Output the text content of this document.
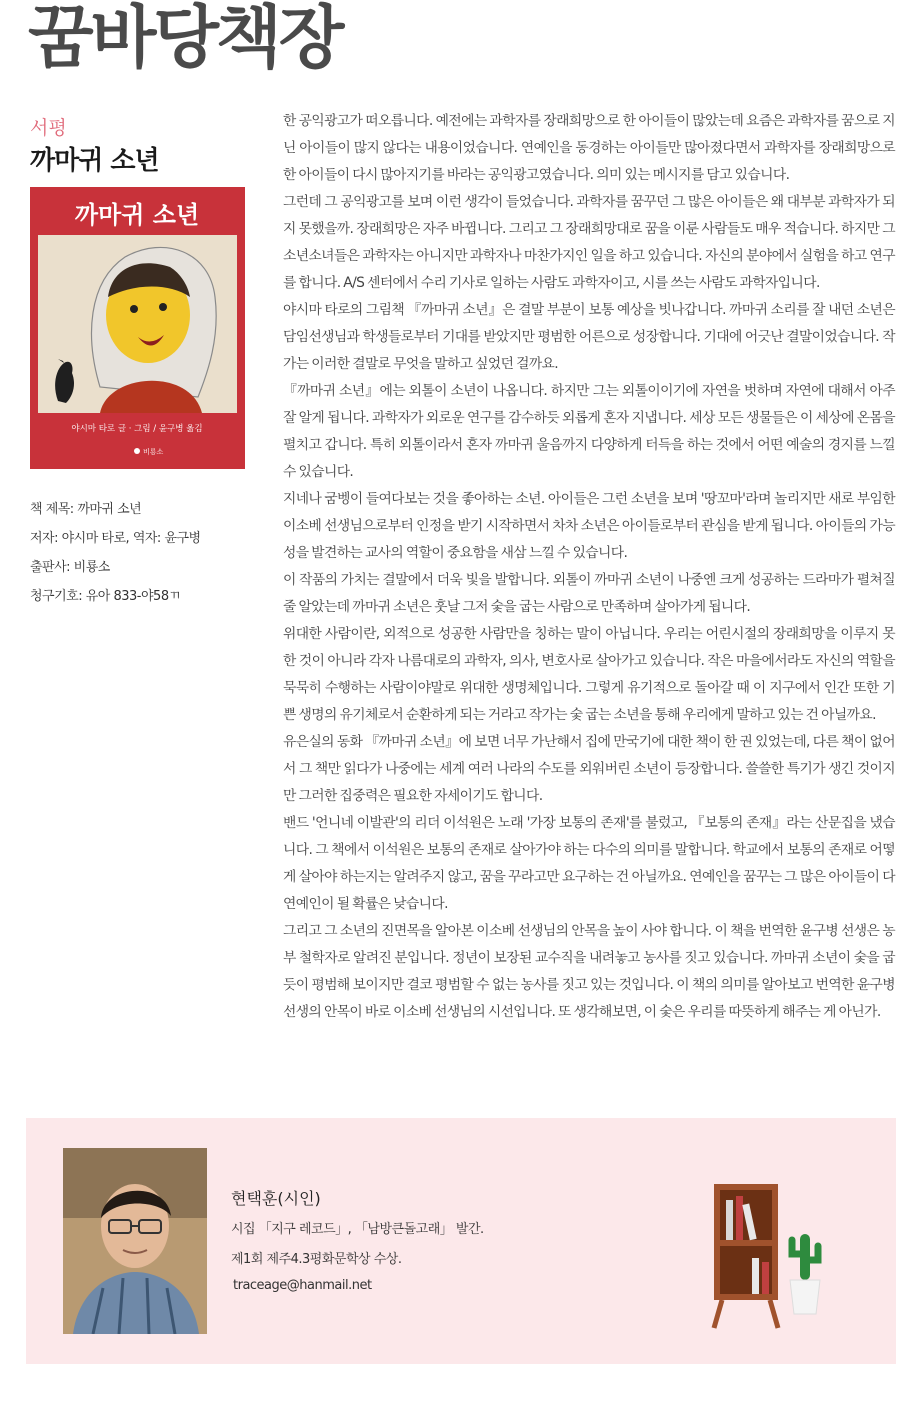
꿈바당책장
서평
까마귀 소년
까마귀 소년
야시마 타로 글 · 그림 / 윤구병 옮김
비룡소
책 제목: 까마귀 소년
저자: 야시마 타로, 역자: 윤구병
출판사: 비룡소
청구기호: 유아 833-야58ㄲ

한 공익광고가 떠오릅니다. 예전에는 과학자를 장래희망으로 한 아이들이 많았는데 요즘은 과학자를 꿈으로 지닌 아이들이 많지 않다는 내용이었습니다. 연예인을 동경하는 아이들만 많아졌다면서 과학자를 장래희망으로 한 아이들이 다시 많아지기를 바라는 공익광고였습니다. 의미 있는 메시지를 담고 있습니다.

그런데 그 공익광고를 보며 이런 생각이 들었습니다. 과학자를 꿈꾸던 그 많은 아이들은 왜 대부분 과학자가 되지 못했을까. 장래희망은 자주 바뀝니다. 그리고 그 장래희망대로 꿈을 이룬 사람들도 매우 적습니다. 하지만 그 소년소녀들은 과학자는 아니지만 과학자나 마찬가지인 일을 하고 있습니다. 자신의 분야에서 실험을 하고 연구를 합니다. A/S 센터에서 수리 기사로 일하는 사람도 과학자이고, 시를 쓰는 사람도 과학자입니다.

야시마 타로의 그림책 『까마귀 소년』은 결말 부분이 보통 예상을 빗나갑니다. 까마귀 소리를 잘 내던 소년은 담임선생님과 학생들로부터 기대를 받았지만 평범한 어른으로 성장합니다. 기대에 어긋난 결말이었습니다. 작가는 이러한 결말로 무엇을 말하고 싶었던 걸까요.

『까마귀 소년』에는 외톨이 소년이 나옵니다. 하지만 그는 외톨이이기에 자연을 벗하며 자연에 대해서 아주 잘 알게 됩니다. 과학자가 외로운 연구를 감수하듯 외롭게 혼자 지냅니다. 세상 모든 생물들은 이 세상에 온몸을 펼치고 갑니다. 특히 외톨이라서 혼자 까마귀 울음까지 다양하게 터득을 하는 것에서 어떤 예술의 경지를 느낄 수 있습니다.

지네나 굼벵이 들여다보는 것을 좋아하는 소년. 아이들은 그런 소년을 보며 '땅꼬마'라며 놀리지만 새로 부임한 이소베 선생님으로부터 인정을 받기 시작하면서 차차 소년은 아이들로부터 관심을 받게 됩니다. 아이들의 가능성을 발견하는 교사의 역할이 중요함을 새삼 느낄 수 있습니다.

이 작품의 가치는 결말에서 더욱 빛을 발합니다. 외톨이 까마귀 소년이 나중엔 크게 성공하는 드라마가 펼쳐질 줄 알았는데 까마귀 소년은 훗날 그저 숯을 굽는 사람으로 만족하며 살아가게 됩니다.

위대한 사람이란, 외적으로 성공한 사람만을 칭하는 말이 아닙니다. 우리는 어린시절의 장래희망을 이루지 못한 것이 아니라 각자 나름대로의 과학자, 의사, 변호사로 살아가고 있습니다. 작은 마을에서라도 자신의 역할을 묵묵히 수행하는 사람이야말로 위대한 생명체입니다. 그렇게 유기적으로 돌아갈 때 이 지구에서 인간 또한 기쁜 생명의 유기체로서 순환하게 되는 거라고 작가는 숯 굽는 소년을 통해 우리에게 말하고 있는 건 아닐까요.

유은실의 동화 『까마귀 소년』에 보면 너무 가난해서 집에 만국기에 대한 책이 한 권 있었는데, 다른 책이 없어서 그 책만 읽다가 나중에는 세계 여러 나라의 수도를 외워버린 소년이 등장합니다. 쓸쓸한 특기가 생긴 것이지만 그러한 집중력은 필요한 자세이기도 합니다.

밴드 '언니네 이발관'의 리더 이석원은 노래 '가장 보통의 존재'를 불렀고, 『보통의 존재』라는 산문집을 냈습니다. 그 책에서 이석원은 보통의 존재로 살아가야 하는 다수의 의미를 말합니다. 학교에서 보통의 존재로 어떻게 살아야 하는지는 알려주지 않고, 꿈을 꾸라고만 요구하는 건 아닐까요. 연예인을 꿈꾸는 그 많은 아이들이 다 연예인이 될 확률은 낮습니다.

그리고 그 소년의 진면목을 알아본 이소베 선생님의 안목을 높이 사야 합니다. 이 책을 번역한 윤구병 선생은 농부 철학자로 알려진 분입니다. 정년이 보장된 교수직을 내려놓고 농사를 짓고 있습니다. 까마귀 소년이 숯을 굽듯이 평범해 보이지만 결코 평범할 수 없는 농사를 짓고 있는 것입니다. 이 책의 의미를 알아보고 번역한 윤구병 선생의 안목이 바로 이소베 선생님의 시선입니다. 또 생각해보면, 이 숯은 우리를 따뜻하게 해주는 게 아닌가.

현택훈(시인)
시집 「지구 레코드」, 「남방큰돌고래」 발간.
제1회 제주4.3평화문학상 수상.
traceage@hanmail.net
